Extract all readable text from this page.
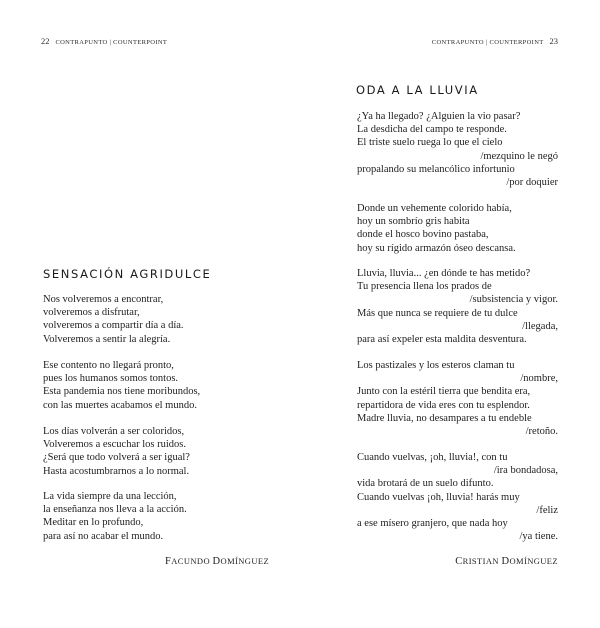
22 CONTRAPUNTO | COUNTERPOINT
SENSACIÓN AGRIDULCE
Nos volveremos a encontrar,
volveremos a disfrutar,
volveremos a compartir día a día.
Volveremos a sentir la alegría.
Ese contento no llegará pronto,
pues los humanos somos tontos.
Esta pandemia nos tiene moribundos,
con las muertes acabamos el mundo.
Los días volverán a ser coloridos,
Volveremos a escuchar los ruidos.
¿Será que todo volverá a ser igual?
Hasta acostumbrarnos a lo normal.
La vida siempre da una lección,
la enseñanza nos lleva a la acción.
Meditar en lo profundo,
para así no acabar el mundo.
FACUNDO DOMÍNGUEZ
CONTRAPUNTO | COUNTERPOINT 23
ODA A LA LLUVIA
¿Ya ha llegado? ¿Alguien la vio pasar?
La desdicha del campo te responde.
El triste suelo ruega lo que el cielo
/mezquino le negó
propalando su melancólico infortunio
/por doquier
Donde un vehemente colorido había,
hoy un sombrío gris habita
donde el hosco bovino pastaba,
hoy su rígido armazón óseo descansa.
Lluvia, lluvia... ¿en dónde te has metido?
Tu presencia llena los prados de
/subsistencia y vigor.
Más que nunca se requiere de tu dulce
/llegada,
para así expeler esta maldita desventura.
Los pastizales y los esteros claman tu
/nombre,
Junto con la estéril tierra que bendita era,
repartidora de vida eres con tu esplendor.
Madre lluvia, no desampares a tu endeble
/retoño.
Cuando vuelvas, ¡oh, lluvia!, con tu
/ira bondadosa,
vida brotará de un suelo difunto.
Cuando vuelvas ¡oh, lluvia! harás muy
/feliz
a ese mísero granjero, que nada hoy
/ya tiene.
CRISTIAN DOMÍNGUEZ
